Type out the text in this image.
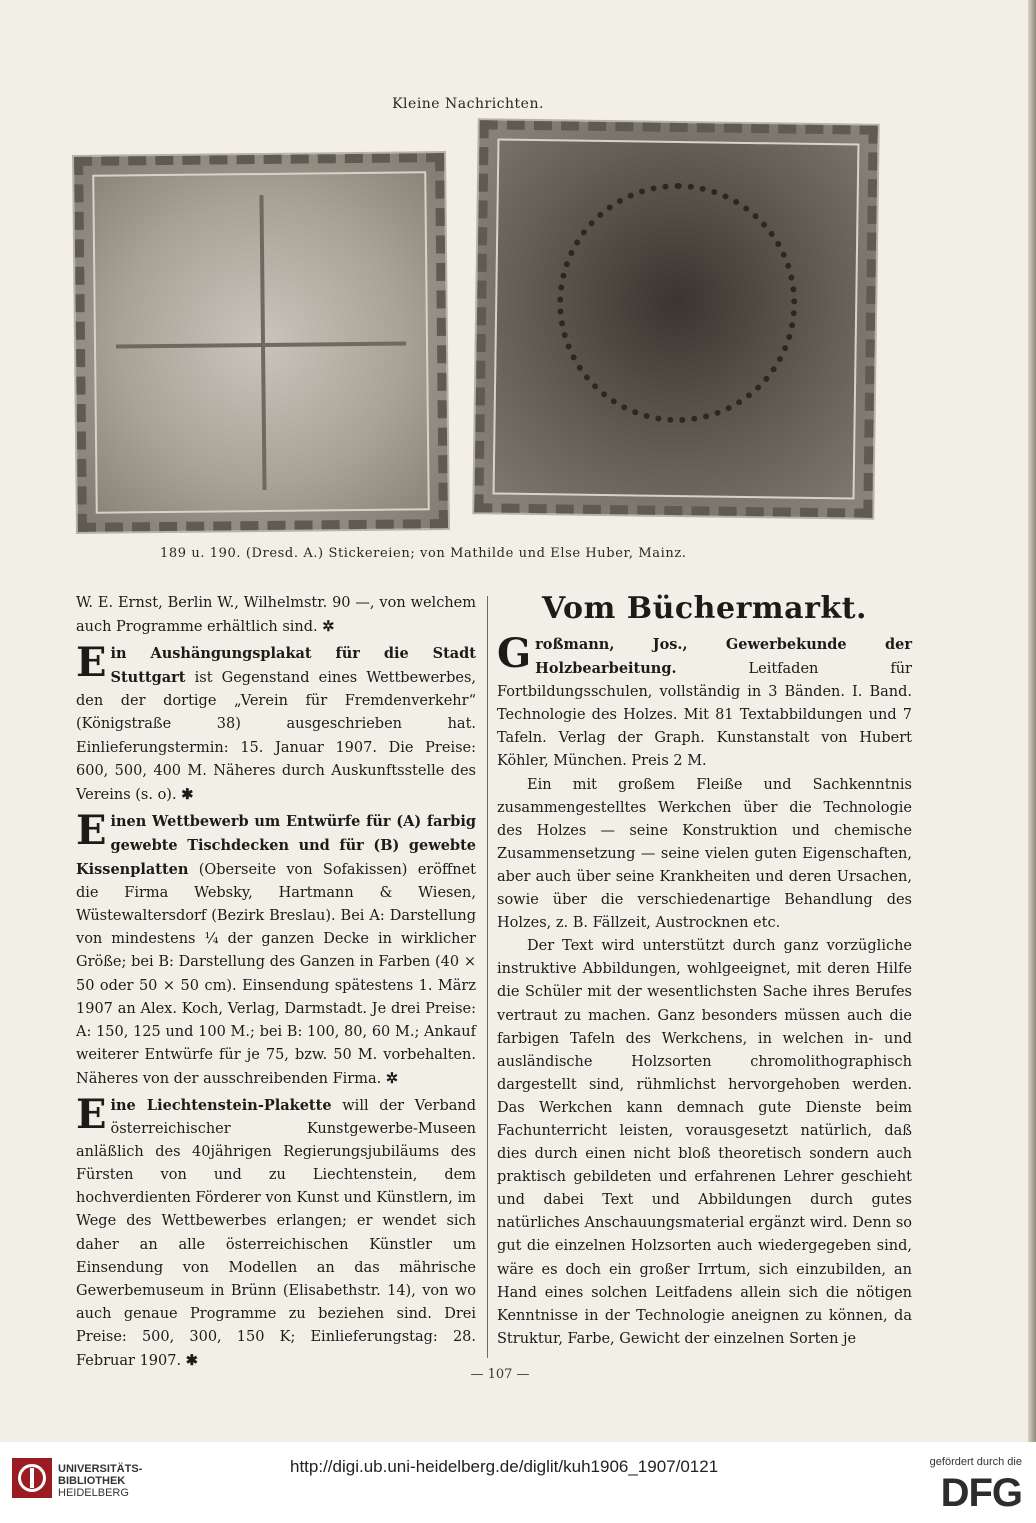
Kleine Nachrichten.
189 u. 190. (Dresd. A.) Stickereien; von Mathilde und Else Huber, Mainz.

W. E. Ernst, Berlin W., Wilhelmstr. 90 —, von welchem auch Programme erhältlich sind. ✲

Ein Aushängungsplakat für die Stadt Stuttgart ist Gegenstand eines Wettbewerbes, den der dortige „Verein für Fremdenverkehr“ (Königstraße 38) ausgeschrieben hat. Einlieferungstermin: 15. Januar 1907. Die Preise: 600, 500, 400 M. Näheres durch Auskunftsstelle des Vereins (s. o). ✱

Einen Wettbewerb um Entwürfe für (A) farbig gewebte Tischdecken und für (B) gewebte Kissenplatten (Oberseite von Sofakissen) eröffnet die Firma Websky, Hartmann & Wiesen, Wüstewaltersdorf (Bezirk Breslau). Bei A: Darstellung von mindestens ¼ der ganzen Decke in wirklicher Größe; bei B: Darstellung des Ganzen in Farben (40 × 50 oder 50 × 50 cm). Einsendung spätestens 1. März 1907 an Alex. Koch, Verlag, Darmstadt. Je drei Preise: A: 150, 125 und 100 M.; bei B: 100, 80, 60 M.; Ankauf weiterer Entwürfe für je 75, bzw. 50 M. vorbehalten. Näheres von der ausschreibenden Firma. ✲

Eine Liechtenstein-Plakette will der Verband österreichischer Kunstgewerbe-Museen anläßlich des 40jährigen Regierungsjubiläums des Fürsten von und zu Liechtenstein, dem hochverdienten Förderer von Kunst und Künstlern, im Wege des Wettbewerbes erlangen; er wendet sich daher an alle österreichischen Künstler um Einsendung von Modellen an das mährische Gewerbemuseum in Brünn (Elisabethstr. 14), von wo auch genaue Programme zu beziehen sind. Drei Preise: 500, 300, 150 K; Einlieferungstag: 28. Februar 1907. ✱

Vom Büchermarkt.

Großmann, Jos., Gewerbekunde der Holzbearbeitung.	Leitfaden für Fortbildungsschulen, vollständig in 3 Bänden. I. Band. Technologie des Holzes. Mit 81 Textabbildungen und 7 Tafeln. Verlag der Graph. Kunstanstalt von Hubert Köhler, München. Preis 2 M.

Ein mit großem Fleiße und Sachkenntnis zusammengestelltes Werkchen über die Technologie des Holzes — seine Konstruktion und chemische Zusammensetzung — seine vielen guten Eigenschaften, aber auch über seine Krankheiten und deren Ursachen, sowie über die verschiedenartige Behandlung des Holzes, z. B. Fällzeit, Austrocknen etc.

Der Text wird unterstützt durch ganz vorzügliche instruktive Abbildungen, wohlgeeignet, mit deren Hilfe die Schüler mit der wesentlichsten Sache ihres Berufes vertraut zu machen. Ganz besonders müssen auch die farbigen Tafeln des Werkchens, in welchen in- und ausländische Holzsorten chromolithographisch dargestellt sind, rühmlichst hervorgehoben werden. Das Werkchen kann demnach gute Dienste beim Fachunterricht leisten, vorausgesetzt natürlich, daß dies durch einen nicht bloß theoretisch sondern auch praktisch gebildeten und erfahrenen Lehrer geschieht und dabei Text und Abbildungen durch gutes natürliches Anschauungsmaterial ergänzt wird. Denn so gut die einzelnen Holzsorten auch wiedergegeben sind, wäre es doch ein großer Irrtum, sich einzubilden, an Hand eines solchen Leitfadens allein sich die nötigen Kenntnisse in der Technologie aneignen zu können, da Struktur, Farbe, Gewicht der einzelnen Sorten je

— 107 —
UNIVERSITÄTS-
BIBLIOTHEK
HEIDELBERG
http://digi.ub.uni-heidelberg.de/diglit/kuh1906_1907/0121	gefördert durch die
DFG
